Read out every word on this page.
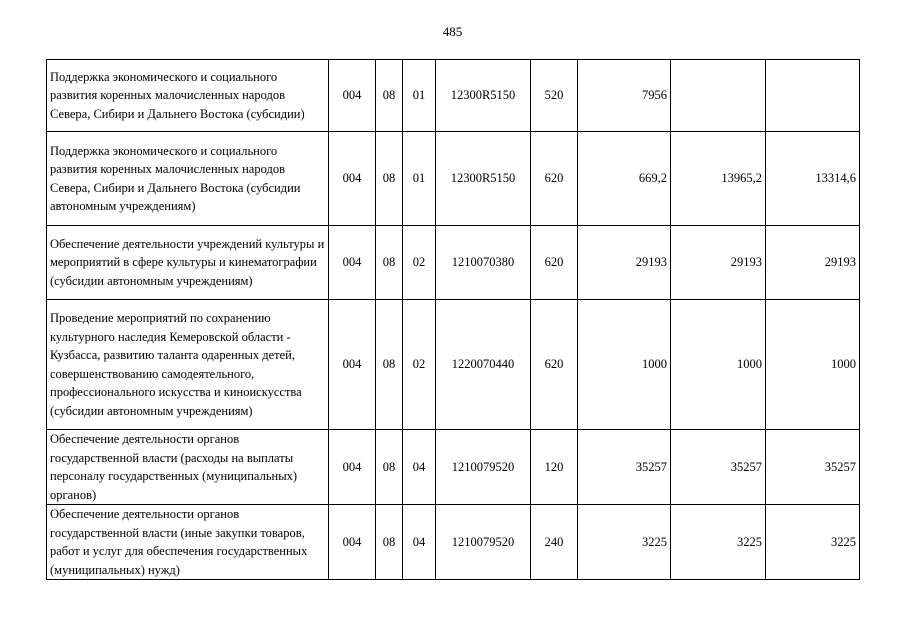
485
Поддержка экономического и социального развития коренных малочисленных народов Севера, Сибири и Дальнего Востока (субсидии)	004	08	01	12300R5150	520	7956		
Поддержка экономического и социального развития коренных малочисленных народов Севера, Сибири и Дальнего Востока (субсидии автономным учреждениям)	004	08	01	12300R5150	620	669,2	13965,2	13314,6
Обеспечение деятельности учреждений культуры и мероприятий в сфере культуры и кинематографии (субсидии автономным учреждениям)	004	08	02	1210070380	620	29193	29193	29193
Проведение мероприятий по сохранению культурного наследия Кемеровской области - Кузбасса, развитию таланта одаренных детей, совершенствованию самодеятельного, профессионального искусства и киноискусства (субсидии автономным учреждениям)	004	08	02	1220070440	620	1000	1000	1000
Обеспечение деятельности органов государственной власти (расходы на выплаты персоналу государственных (муниципальных) органов)	004	08	04	1210079520	120	35257	35257	35257
Обеспечение деятельности органов государственной власти (иные закупки товаров, работ и услуг для обеспечения государственных (муниципальных) нужд)	004	08	04	1210079520	240	3225	3225	3225
